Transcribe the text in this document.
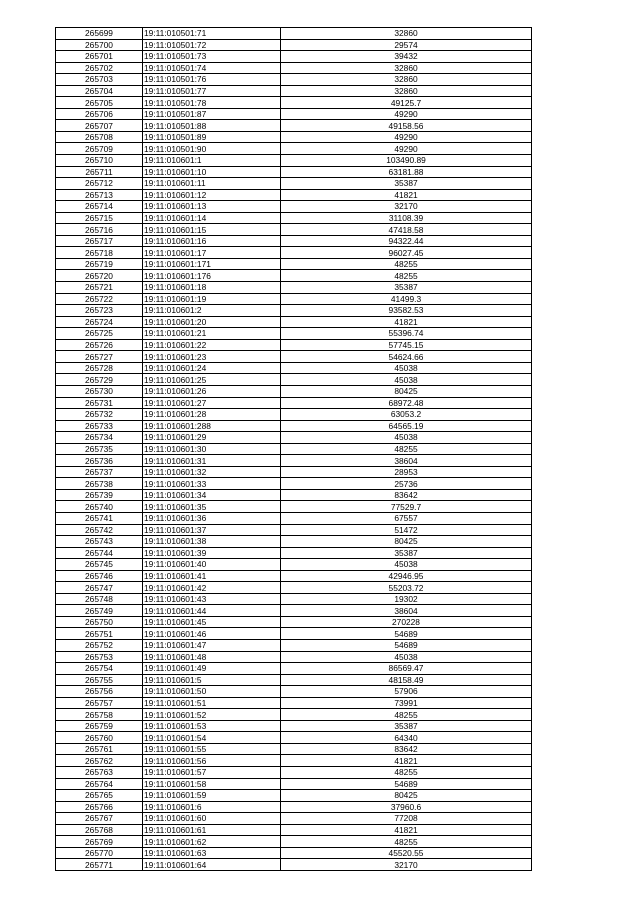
265699	19:11:010501:71	32860
265700	19:11:010501:72	29574
265701	19:11:010501:73	39432
265702	19:11:010501:74	32860
265703	19:11:010501:76	32860
265704	19:11:010501:77	32860
265705	19:11:010501:78	49125.7
265706	19:11:010501:87	49290
265707	19:11:010501:88	49158.56
265708	19:11:010501:89	49290
265709	19:11:010501:90	49290
265710	19:11:010601:1	103490.89
265711	19:11:010601:10	63181.88
265712	19:11:010601:11	35387
265713	19:11:010601:12	41821
265714	19:11:010601:13	32170
265715	19:11:010601:14	31108.39
265716	19:11:010601:15	47418.58
265717	19:11:010601:16	94322.44
265718	19:11:010601:17	96027.45
265719	19:11:010601:171	48255
265720	19:11:010601:176	48255
265721	19:11:010601:18	35387
265722	19:11:010601:19	41499.3
265723	19:11:010601:2	93582.53
265724	19:11:010601:20	41821
265725	19:11:010601:21	55396.74
265726	19:11:010601:22	57745.15
265727	19:11:010601:23	54624.66
265728	19:11:010601:24	45038
265729	19:11:010601:25	45038
265730	19:11:010601:26	80425
265731	19:11:010601:27	68972.48
265732	19:11:010601:28	63053.2
265733	19:11:010601:288	64565.19
265734	19:11:010601:29	45038
265735	19:11:010601:30	48255
265736	19:11:010601:31	38604
265737	19:11:010601:32	28953
265738	19:11:010601:33	25736
265739	19:11:010601:34	83642
265740	19:11:010601:35	77529.7
265741	19:11:010601:36	67557
265742	19:11:010601:37	51472
265743	19:11:010601:38	80425
265744	19:11:010601:39	35387
265745	19:11:010601:40	45038
265746	19:11:010601:41	42946.95
265747	19:11:010601:42	55203.72
265748	19:11:010601:43	19302
265749	19:11:010601:44	38604
265750	19:11:010601:45	270228
265751	19:11:010601:46	54689
265752	19:11:010601:47	54689
265753	19:11:010601:48	45038
265754	19:11:010601:49	86569.47
265755	19:11:010601:5	48158.49
265756	19:11:010601:50	57906
265757	19:11:010601:51	73991
265758	19:11:010601:52	48255
265759	19:11:010601:53	35387
265760	19:11:010601:54	64340
265761	19:11:010601:55	83642
265762	19:11:010601:56	41821
265763	19:11:010601:57	48255
265764	19:11:010601:58	54689
265765	19:11:010601:59	80425
265766	19:11:010601:6	37960.6
265767	19:11:010601:60	77208
265768	19:11:010601:61	41821
265769	19:11:010601:62	48255
265770	19:11:010601:63	45520.55
265771	19:11:010601:64	32170
